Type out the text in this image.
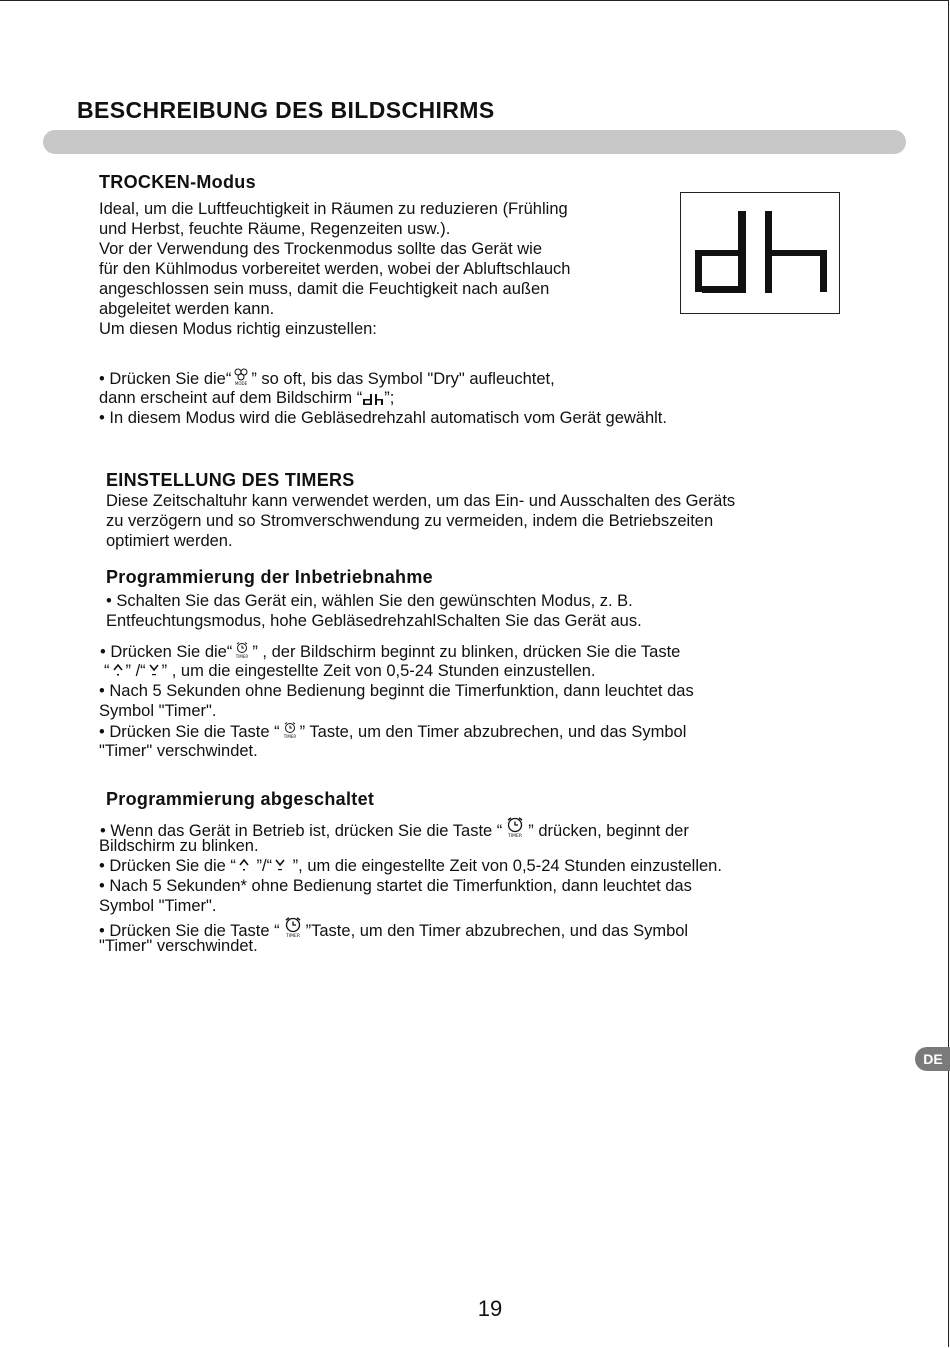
BESCHREIBUNG DES BILDSCHIRMS
TROCKEN-Modus
Ideal, um die Luftfeuchtigkeit in Räumen zu reduzieren (Frühling
und Herbst, feuchte Räume, Regenzeiten usw.).
Vor der Verwendung des Trockenmodus sollte das Gerät wie
für den Kühlmodus vorbereitet werden, wobei der Abluftschlauch
angeschlossen sein muss, damit die Feuchtigkeit nach außen
abgeleitet werden kann.
Um diesen Modus richtig einzustellen:
• Drücken Sie die“ MODE ” so oft, bis das Symbol "Dry" aufleuchtet,
dann erscheint auf dem Bildschirm “ ”;
• In diesem Modus wird die Gebläsedrehzahl automatisch vom Gerät gewählt.
EINSTELLUNG DES TIMERS
Diese Zeitschaltuhr kann verwendet werden, um das Ein- und Ausschalten des Geräts
zu verzögern und so Stromverschwendung zu vermeiden, indem die Betriebszeiten
optimiert werden.
Programmierung der Inbetriebnahme
• Schalten Sie das Gerät ein, wählen Sie den gewünschten Modus, z. B.
Entfeuchtungsmodus, hohe GebläsedrehzahlSchalten Sie das Gerät aus.
• Drücken Sie die“ TIMER ” , der Bildschirm beginnt zu blinken, drücken Sie die Taste
“ ” /“ ” , um die eingestellte Zeit von 0,5-24 Stunden einzustellen.
• Nach 5 Sekunden ohne Bedienung beginnt die Timerfunktion, dann leuchtet das
Symbol "Timer".
• Drücken Sie die Taste “ TIMER ” Taste, um den Timer abzubrechen, und das Symbol
"Timer" verschwindet.
Programmierung abgeschaltet
• Wenn das Gerät in Betrieb ist, drücken Sie die Taste “ TIMER ” drücken, beginnt der
Bildschirm zu blinken.
• Drücken Sie die “
”/“
”, um die eingestellte Zeit von 0,5-24 Stunden einzustellen.
• Nach 5 Sekunden* ohne Bedienung startet die Timerfunktion, dann leuchtet das
Symbol "Timer".
• Drücken Sie die Taste “ TIMER ”Taste, um den Timer abzubrechen, und das Symbol
"Timer" verschwindet.
DE
19
